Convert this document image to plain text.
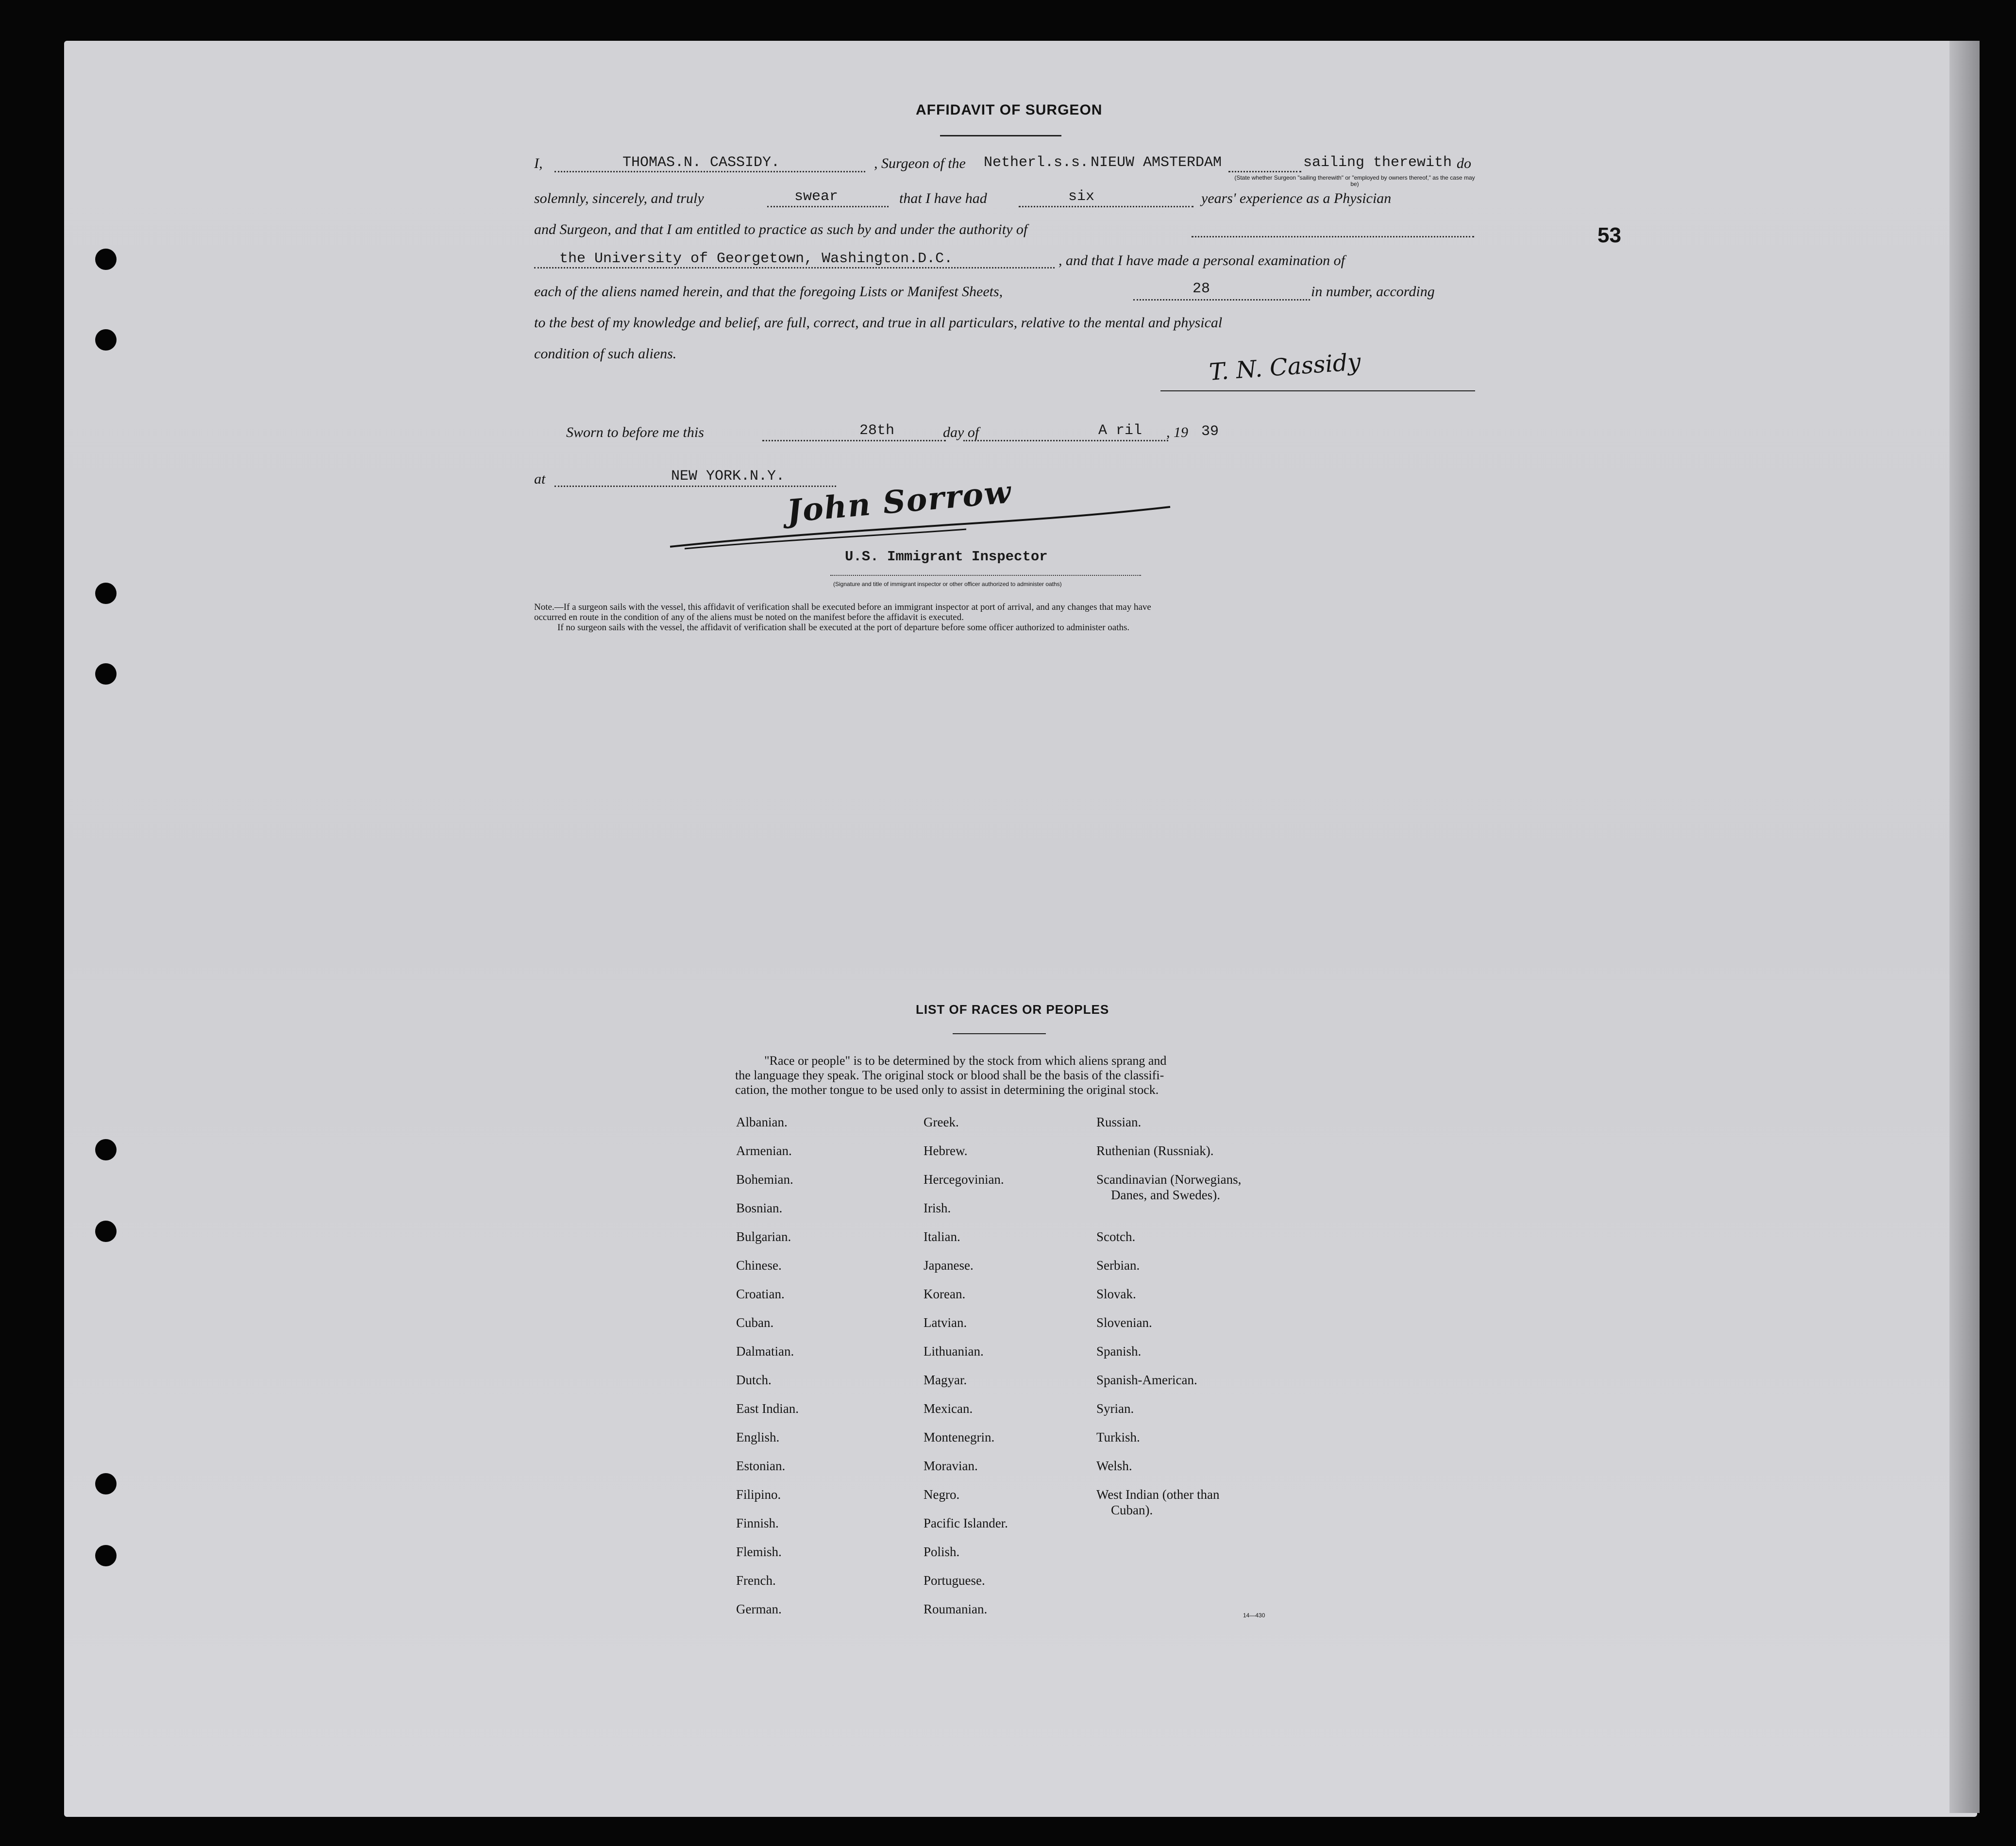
53
AFFIDAVIT OF SURGEON
I,	THOMAS.N. CASSIDY.	, Surgeon of the Netherl.s.s. NIEUW AMSTERDAM	sailing therewith do
(State whether Surgeon "sailing therewith" or "employed by owners thereof," as the case may be)
solemnly, sincerely, and truly	swear	that I have had	six	years' experience as a Physician
and Surgeon, and that I am entitled to practice as such by and under the authority of
the University of Georgetown, Washington.D.C.	, and that I have made a personal examination of
each of the aliens named herein, and that the foregoing Lists or Manifest Sheets,	28	in number, according
to the best of my knowledge and belief, are full, correct, and true in all particulars, relative to the mental and physical
condition of such aliens.	T. N. Cassidy
Sworn to before me this	28th	day of	A ril , 19 39
at	NEW YORK.N.Y. John Sorrow
U.S. Immigrant Inspector
(Signature and title of immigrant inspector or other officer authorized to administer oaths)
Note.—If a surgeon sails with the vessel, this affidavit of verification shall be executed before an immigrant inspector at port of arrival, and any changes that may have
occurred en route in the condition of any of the aliens must be noted on the manifest before the affidavit is executed.
If no surgeon sails with the vessel, the affidavit of verification shall be executed at the port of departure before some officer authorized to administer oaths.
LIST OF RACES OR PEOPLES
"Race or people" is to be determined by the stock from which aliens sprang and
the language they speak. The original stock or blood shall be the basis of the classifi-
cation, the mother tongue to be used only to assist in determining the original stock.
Albanian.
Armenian.
Bohemian.
Bosnian.
Bulgarian.
Chinese.
Croatian.
Cuban.
Dalmatian.
Dutch.
East Indian.
English.
Estonian.
Filipino.
Finnish.
Flemish.
French.
German.
Greek.
Hebrew.
Hercegovinian.
Irish.
Italian.
Japanese.
Korean.
Latvian.
Lithuanian.
Magyar.
Mexican.
Montenegrin.
Moravian.
Negro.
Pacific Islander.
Polish.
Portuguese.
Roumanian.
Russian.
Ruthenian (Russniak).
Scandinavian (Norwegians,
Danes, and Swedes).
Scotch.
Serbian.
Slovak.
Slovenian.
Spanish.
Spanish-American.
Syrian.
Turkish.
Welsh.
West Indian (other than
Cuban).
14—430
